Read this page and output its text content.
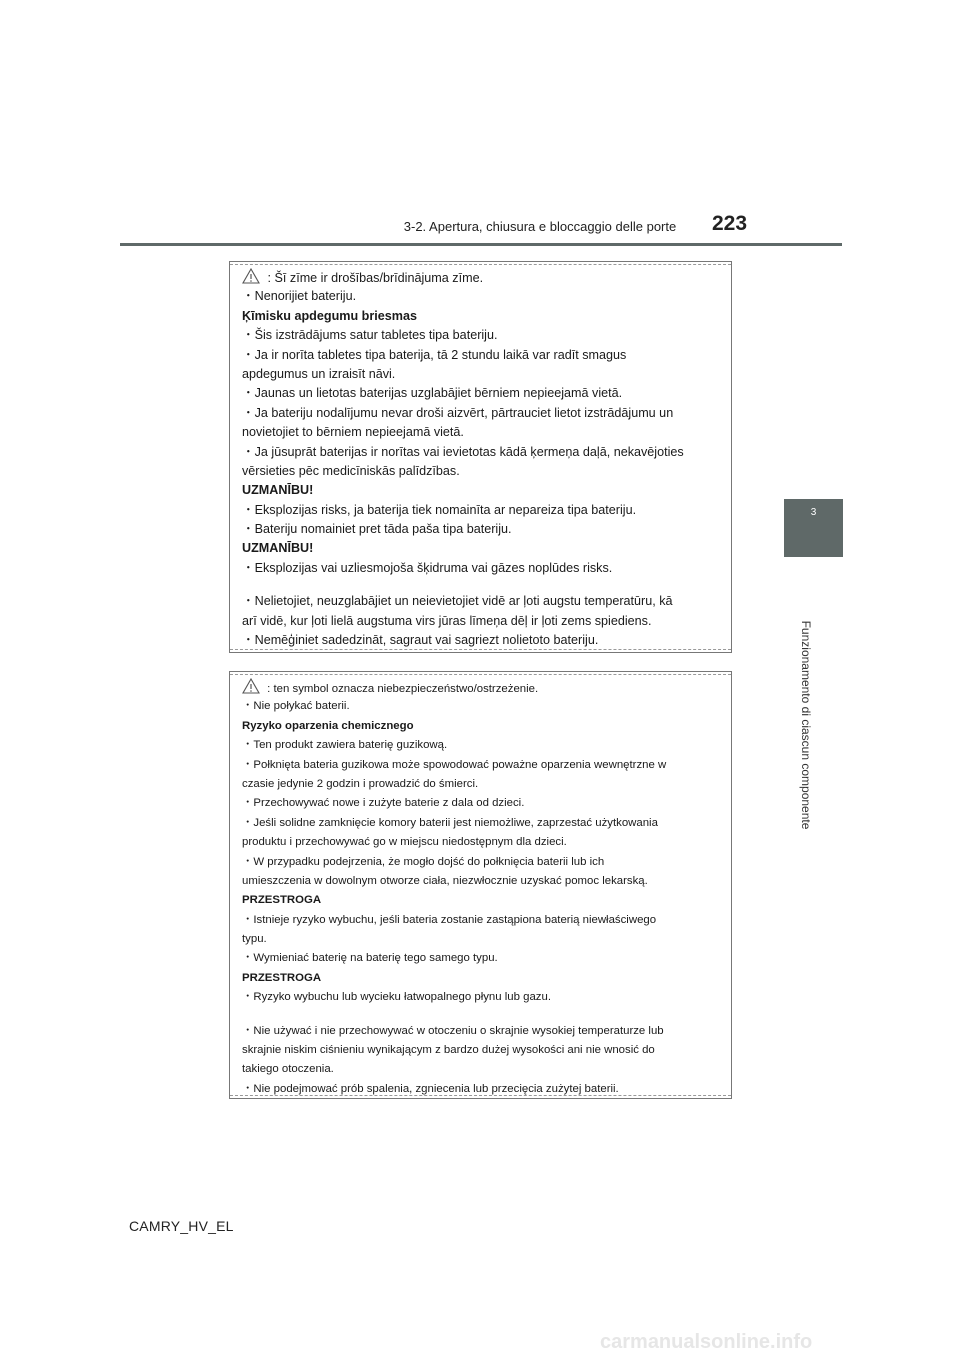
3-2. Apertura, chiusura e bloccaggio delle porte	223
3
Funzionamento di ciascun componente
: Šī zīme ir drošības/brīdinājuma zīme.
・Nenorijiet bateriju.
Ķīmisku apdegumu briesmas
・Šis izstrādājums satur tabletes tipa bateriju.
・Ja ir norīta tabletes tipa baterija, tā 2 stundu laikā var radīt smagus
apdegumus un izraisīt nāvi.
・Jaunas un lietotas baterijas uzglabājiet bērniem nepieejamā vietā.
・Ja bateriju nodalījumu nevar droši aizvērt, pārtrauciet lietot izstrādājumu un
novietojiet to bērniem nepieejamā vietā.
・Ja jūsuprāt baterijas ir norītas vai ievietotas kādā ķermeņa daļā, nekavējoties
vērsieties pēc medicīniskās palīdzības.
UZMANĪBU!
・Eksplozijas risks, ja baterija tiek nomainīta ar nepareiza tipa bateriju.
・Bateriju nomainiet pret tāda paša tipa bateriju.
UZMANĪBU!
・Eksplozijas vai uzliesmojoša šķidruma vai gāzes noplūdes risks.
・Nelietojiet, neuzglabājiet un neievietojiet vidē ar ļoti augstu temperatūru, kā
arī vidē, kur ļoti lielā augstuma virs jūras līmeņa dēļ ir ļoti zems spiediens.
・Nemēģiniet sadedzināt, sagraut vai sagriezt nolietoto bateriju.
: ten symbol oznacza niebezpieczeństwo/ostrzeżenie.
・Nie połykać baterii.
Ryzyko oparzenia chemicznego
・Ten produkt zawiera baterię guzikową.
・Połknięta bateria guzikowa może spowodować poważne oparzenia wewnętrzne w
czasie jedynie 2 godzin i prowadzić do śmierci.
・Przechowywać nowe i zużyte baterie z dala od dzieci.
・Jeśli solidne zamknięcie komory baterii jest niemożliwe, zaprzestać użytkowania
produktu i przechowywać go w miejscu niedostępnym dla dzieci.
・W przypadku podejrzenia, że mogło dojść do połknięcia baterii lub ich
umieszczenia w dowolnym otworze ciała, niezwłocznie uzyskać pomoc lekarską.
PRZESTROGA
・Istnieje ryzyko wybuchu, jeśli bateria zostanie zastąpiona baterią niewłaściwego
typu.
・Wymieniać baterię na baterię tego samego typu.
PRZESTROGA
・Ryzyko wybuchu lub wycieku łatwopalnego płynu lub gazu.
・Nie używać i nie przechowywać w otoczeniu o skrajnie wysokiej temperaturze lub
skrajnie niskim ciśnieniu wynikającym z bardzo dużej wysokości ani nie wnosić do
takiego otoczenia.
・Nie podejmować prób spalenia, zgniecenia lub przecięcia zużytej baterii.
CAMRY_HV_EL
carmanualsonline.info
